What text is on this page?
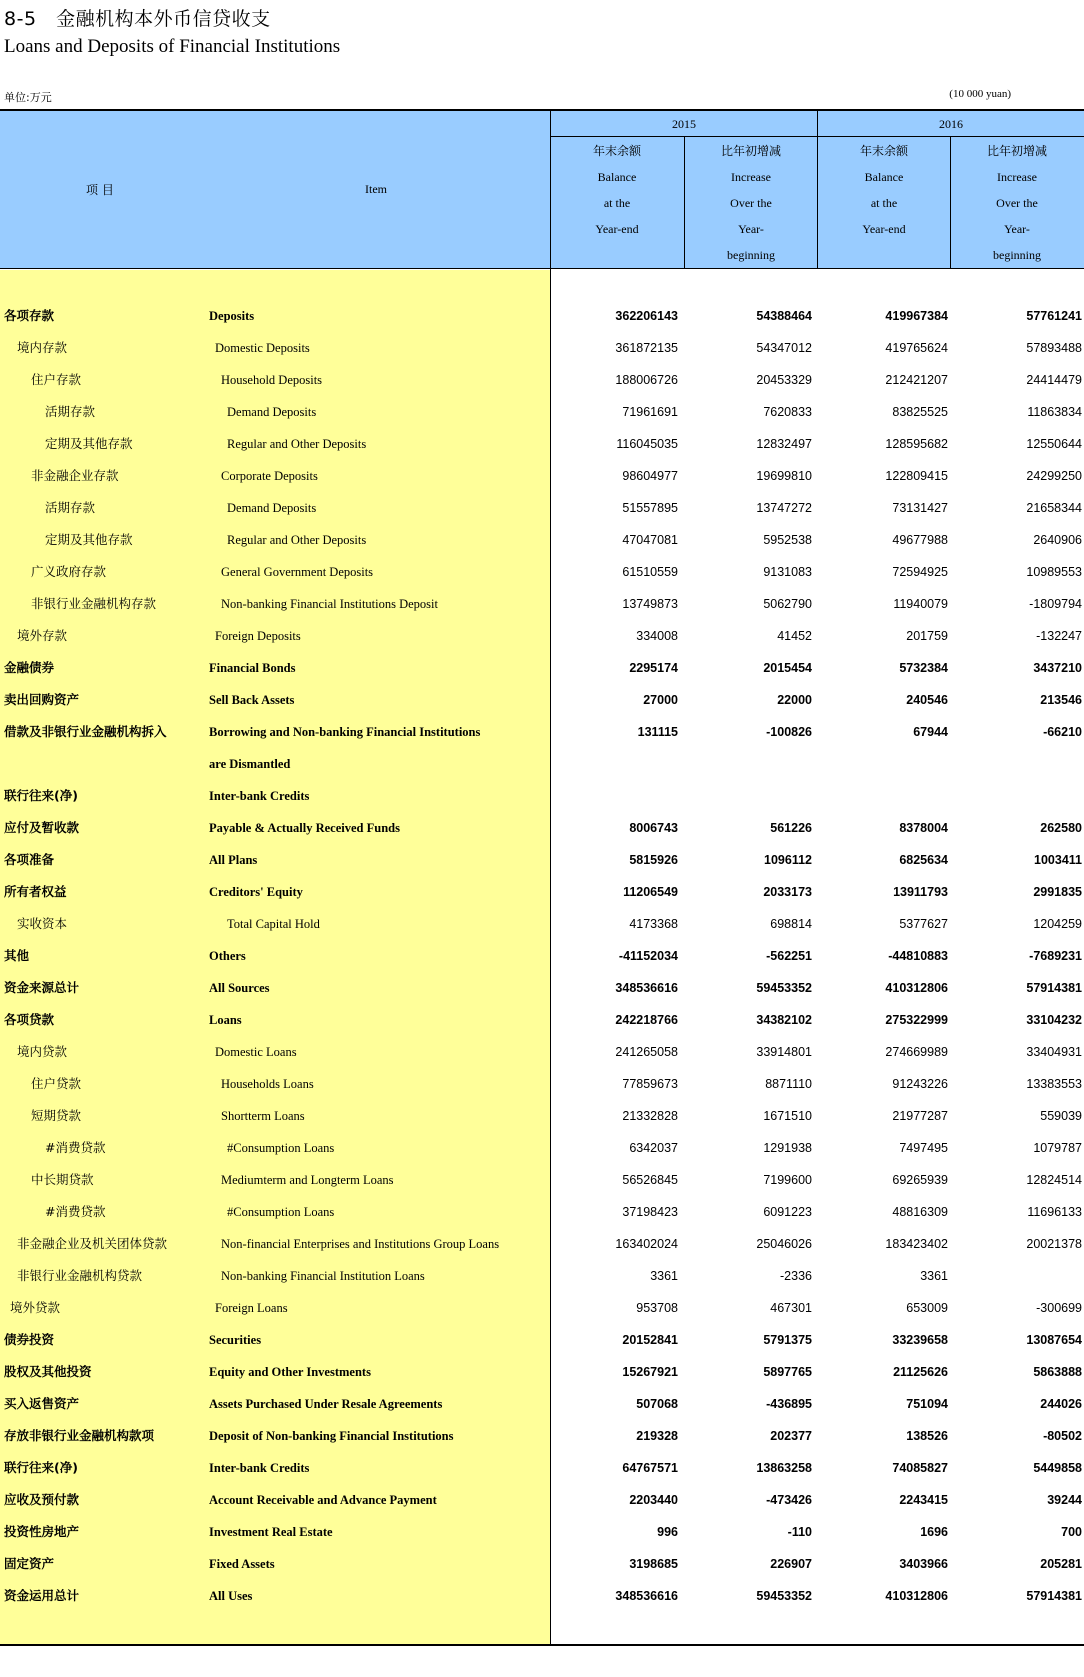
8-5 金融机构本外币信贷收支
Loans and Deposits of Financial Institutions
单位:万元	(10 000 yuan)
项 目	Item
2015	2016
年末余额
Balance
at the
Year-end
比年初增减
Increase
Over the
Year-
beginning
年末余额
Balance
at the
Year-end
比年初增减
Increase
Over the
Year-
beginning
各项存款	Deposits	362206143	54388464	419967384	57761241
境内存款	Domestic Deposits	361872135	54347012	419765624	57893488
住户存款	Household Deposits	188006726	20453329	212421207	24414479
活期存款	Demand Deposits	71961691	7620833	83825525	11863834
定期及其他存款	Regular and Other Deposits	116045035	12832497	128595682	12550644
非金融企业存款	Corporate Deposits	98604977	19699810	122809415	24299250
活期存款	Demand Deposits	51557895	13747272	73131427	21658344
定期及其他存款	Regular and Other Deposits	47047081	5952538	49677988	2640906
广义政府存款	General Government Deposits	61510559	9131083	72594925	10989553
非银行业金融机构存款	Non-banking Financial Institutions Deposit	13749873	5062790	11940079	-1809794
境外存款	Foreign Deposits	334008	41452	201759	-132247
金融债券	Financial Bonds	2295174	2015454	5732384	3437210
卖出回购资产	Sell Back Assets	27000	22000	240546	213546
借款及非银行业金融机构拆入	Borrowing and Non-banking Financial Institutions	131115	-100826	67944	-66210
are Dismantled
联行往来(净)	Inter-bank Credits
应付及暂收款	Payable & Actually Received Funds	8006743	561226	8378004	262580
各项准备	All Plans	5815926	1096112	6825634	1003411
所有者权益	Creditors' Equity	11206549	2033173	13911793	2991835
实收资本	Total Capital Hold	4173368	698814	5377627	1204259
其他	Others	-41152034	-562251	-44810883	-7689231
资金来源总计	All Sources	348536616	59453352	410312806	57914381
各项贷款	Loans	242218766	34382102	275322999	33104232
境内贷款	Domestic Loans	241265058	33914801	274669989	33404931
住户贷款	Households Loans	77859673	8871110	91243226	13383553
短期贷款	Shortterm Loans	21332828	1671510	21977287	559039
#消费贷款	#Consumption Loans	6342037	1291938	7497495	1079787
中长期贷款	Mediumterm and Longterm Loans	56526845	7199600	69265939	12824514
#消费贷款	#Consumption Loans	37198423	6091223	48816309	11696133
非金融企业及机关团体贷款	Non-financial Enterprises and Institutions Group Loans	163402024	25046026	183423402	20021378
非银行业金融机构贷款	Non-banking Financial Institution Loans	3361	-2336	3361
境外贷款	Foreign Loans	953708	467301	653009	-300699
债券投资	Securities	20152841	5791375	33239658	13087654
股权及其他投资	Equity and Other Investments	15267921	5897765	21125626	5863888
买入返售资产	Assets Purchased Under Resale Agreements	507068	-436895	751094	244026
存放非银行业金融机构款项	Deposit of Non-banking Financial Institutions	219328	202377	138526	-80502
联行往来(净)	Inter-bank Credits	64767571	13863258	74085827	5449858
应收及预付款	Account Receivable and Advance Payment	2203440	-473426	2243415	39244
投资性房地产	Investment Real Estate	996	-110	1696	700
固定资产	Fixed Assets	3198685	226907	3403966	205281
资金运用总计	All Uses	348536616	59453352	410312806	57914381
